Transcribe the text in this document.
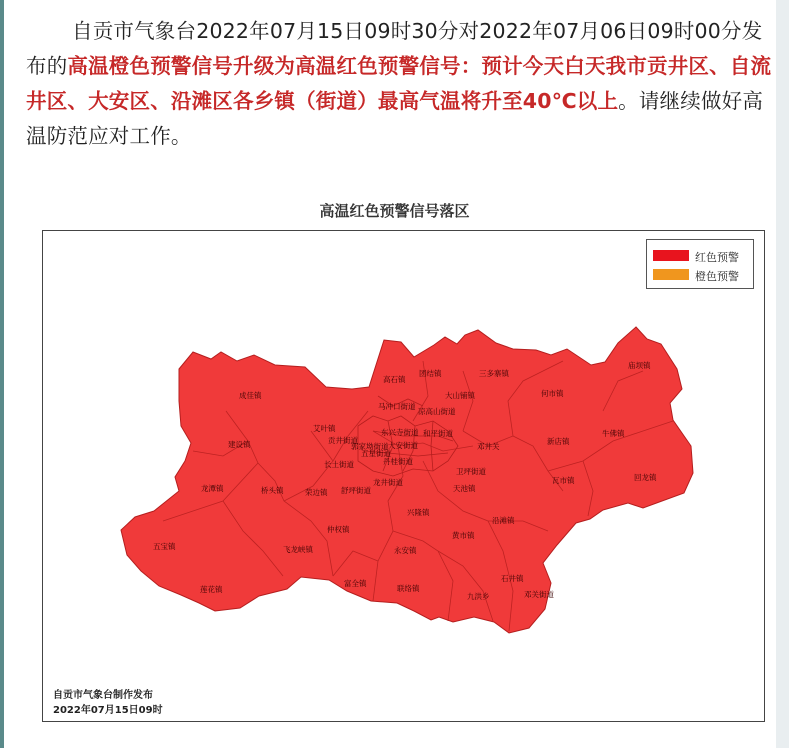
自贡市气象台2022年07月15日09时30分对2022年07月06日09时00分发布的高温橙色预警信号升级为高温红色预警信号：预计今天白天我市贡井区、自流井区、大安区、沿滩区各乡镇（街道）最高气温将升至40℃以上。请继续做好高温防范应对工作。

高温红色预警信号落区
成佳镇
艾叶镇
建设镇
龙潭镇	桥头镇	荣边镇
五宝镇
莲花镇
长土街道
贡井街道
五星街道
舒坪街道
马冲口街道
东兴寺街道
丹桂街道
郭家坳街道
凉高山街道
和平街道
大安街道
龙井街道
牛佛镇
新店镇
何市镇
回龙镇
瓦市镇
卫坪街道
仲权镇
富全镇
永安镇
黄市镇
联络镇
九洪乡
沿滩镇
邓关街道
庙坝镇
团结镇
大山铺镇
三多寨镇
高石镇
兴隆镇
飞龙峡镇
邓井关
石井镇
天池镇
红色预警
橙色预警
自贡市气象台制作发布
2022年07月15日09时
